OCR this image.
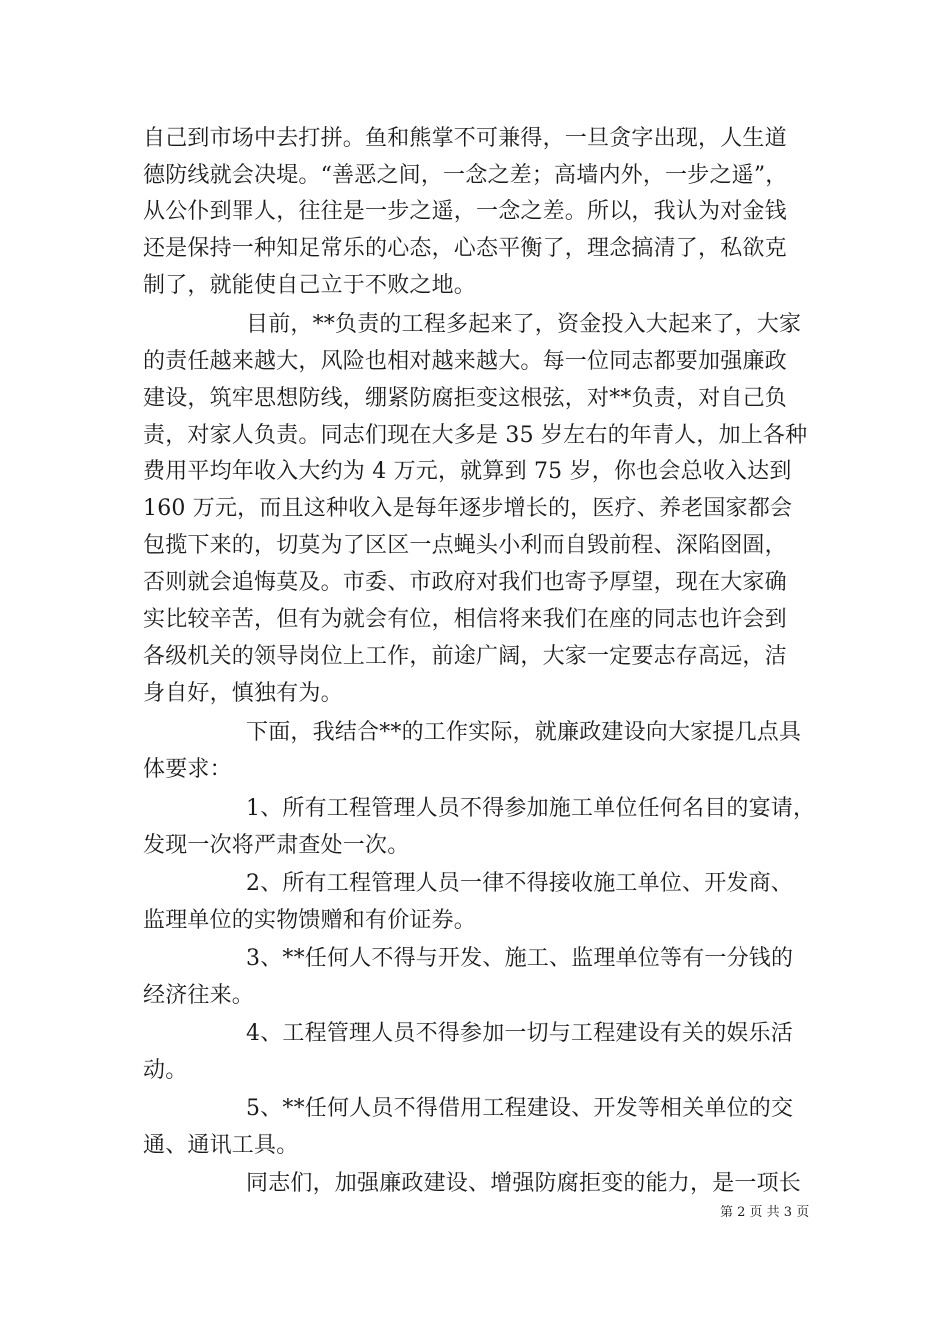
自己到市场中去打拼。鱼和熊掌不可兼得，一旦贪字出现，人生道
德防线就会决堤。“善恶之间，一念之差；高墙内外，一步之遥”，
从公仆到罪人，往往是一步之遥，一念之差。所以，我认为对金钱
还是保持一种知足常乐的心态，心态平衡了，理念搞清了，私欲克
制了，就能使自己立于不败之地。
目前，**负责的工程多起来了，资金投入大起来了，大家
的责任越来越大，风险也相对越来越大。每一位同志都要加强廉政
建设，筑牢思想防线，绷紧防腐拒变这根弦，对**负责，对自己负
责，对家人负责。同志们现在大多是 35 岁左右的年青人，加上各种
费用平均年收入大约为 4 万元，就算到 75 岁，你也会总收入达到
160 万元，而且这种收入是每年逐步增长的，医疗、养老国家都会
包揽下来的，切莫为了区区一点蝇头小利而自毁前程、深陷囹圄，
否则就会追悔莫及。市委、市政府对我们也寄予厚望，现在大家确
实比较辛苦，但有为就会有位，相信将来我们在座的同志也许会到
各级机关的领导岗位上工作，前途广阔，大家一定要志存高远，洁
身自好，慎独有为。
下面，我结合**的工作实际，就廉政建设向大家提几点具
体要求：
1、所有工程管理人员不得参加施工单位任何名目的宴请，
发现一次将严肃查处一次。
2、所有工程管理人员一律不得接收施工单位、开发商、
监理单位的实物馈赠和有价证券。
3、**任何人不得与开发、施工、监理单位等有一分钱的
经济往来。
4、工程管理人员不得参加一切与工程建设有关的娱乐活
动。
5、**任何人员不得借用工程建设、开发等相关单位的交
通、通讯工具。
同志们，加强廉政建设、增强防腐拒变的能力，是一项长
第 2 页 共 3 页
